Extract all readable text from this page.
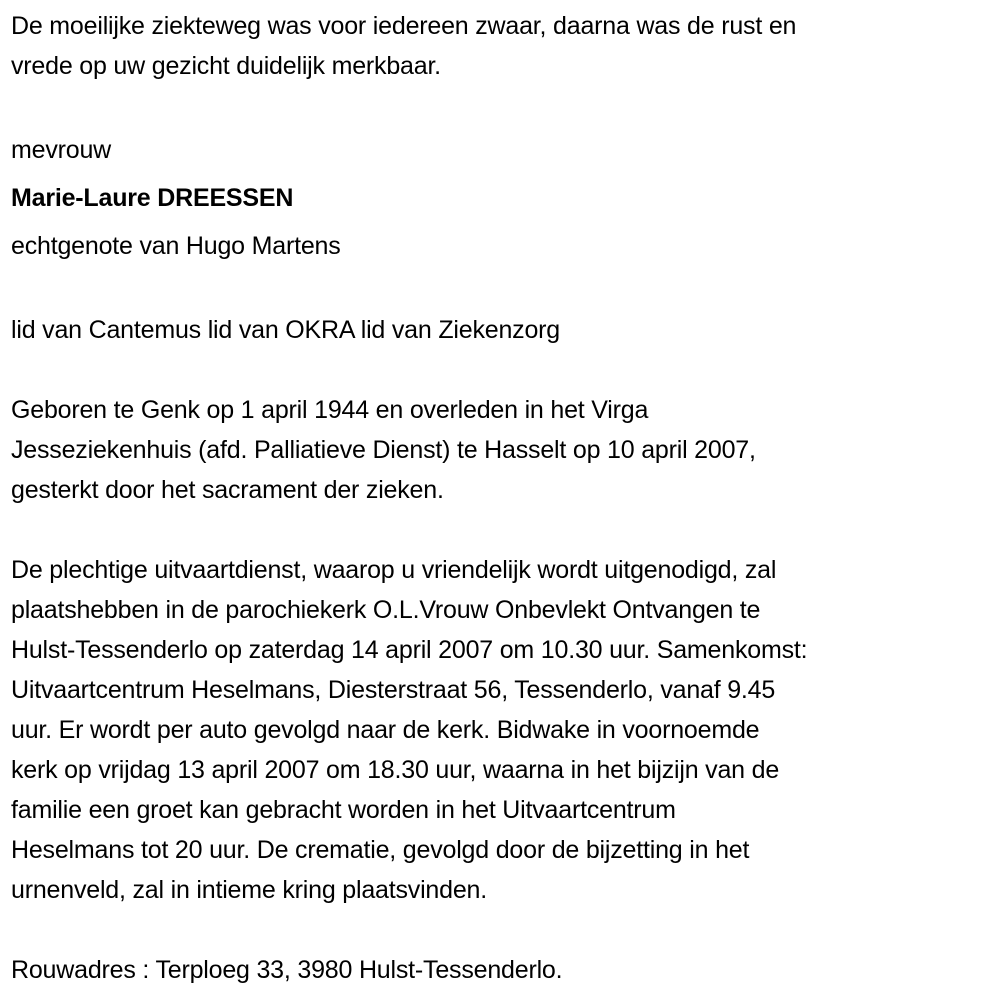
De moeilijke ziekteweg was voor iedereen zwaar, daarna was de rust en
vrede op uw gezicht duidelijk merkbaar.
mevrouw
Marie-Laure DREESSEN
echtgenote van Hugo Martens
lid van Cantemus lid van OKRA lid van Ziekenzorg
Geboren te Genk op 1 april 1944 en overleden in het Virga
Jesseziekenhuis (afd. Palliatieve Dienst) te Hasselt op 10 april 2007,
gesterkt door het sacrament der zieken.
De plechtige uitvaartdienst, waarop u vriendelijk wordt uitgenodigd, zal
plaatshebben in de parochiekerk O.L.Vrouw Onbevlekt Ontvangen te
Hulst-Tessenderlo op zaterdag 14 april 2007 om 10.30 uur. Samenkomst:
Uitvaartcentrum Heselmans, Diesterstraat 56, Tessenderlo, vanaf 9.45
uur. Er wordt per auto gevolgd naar de kerk. Bidwake in voornoemde
kerk op vrijdag 13 april 2007 om 18.30 uur, waarna in het bijzijn van de
familie een groet kan gebracht worden in het Uitvaartcentrum
Heselmans tot 20 uur. De crematie, gevolgd door de bijzetting in het
urnenveld, zal in intieme kring plaatsvinden.
Rouwadres : Terploeg 33, 3980 Hulst-Tessenderlo.
